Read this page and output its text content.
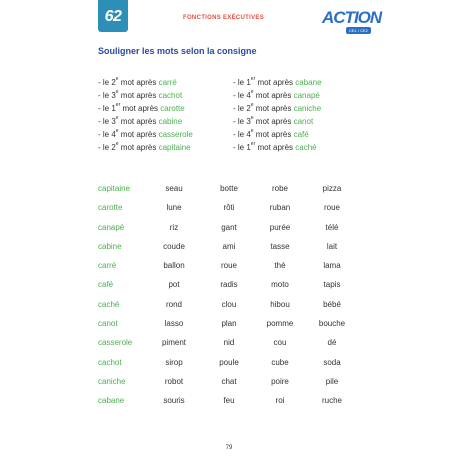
62	FONCTIONS EXÉCUTIVES	ACTION
CE1 / CE2
Souligner les mots selon la consigne
- le 2e mot après carré
- le 3e mot après cachot
- le 1er mot après carotte
- le 3e mot après cabine
- le 4e mot après casserole
- le 2e mot après capitaine
- le 1er mot après cabane
- le 4e mot après canapé
- le 2e mot après caniche
- le 3e mot après canot
- le 4e mot après café
- le 1er mot après caché
capitaine	seau	botte	robe	pizza
carotte	lune	rôti	ruban	roue
canapé	riz	gant	purée	télé
cabine	coude	ami	tasse	lait
carré	ballon	roue	thé	lama
café	pot	radis	moto	tapis
caché	rond	clou	hibou	bébé
canot	lasso	plan	pomme	bouche
casserole	piment	nid	cou	dé
cachot	sirop	poule	cube	soda
caniche	robot	chat	poire	pile
cabane	souris	feu	roi	ruche
79
